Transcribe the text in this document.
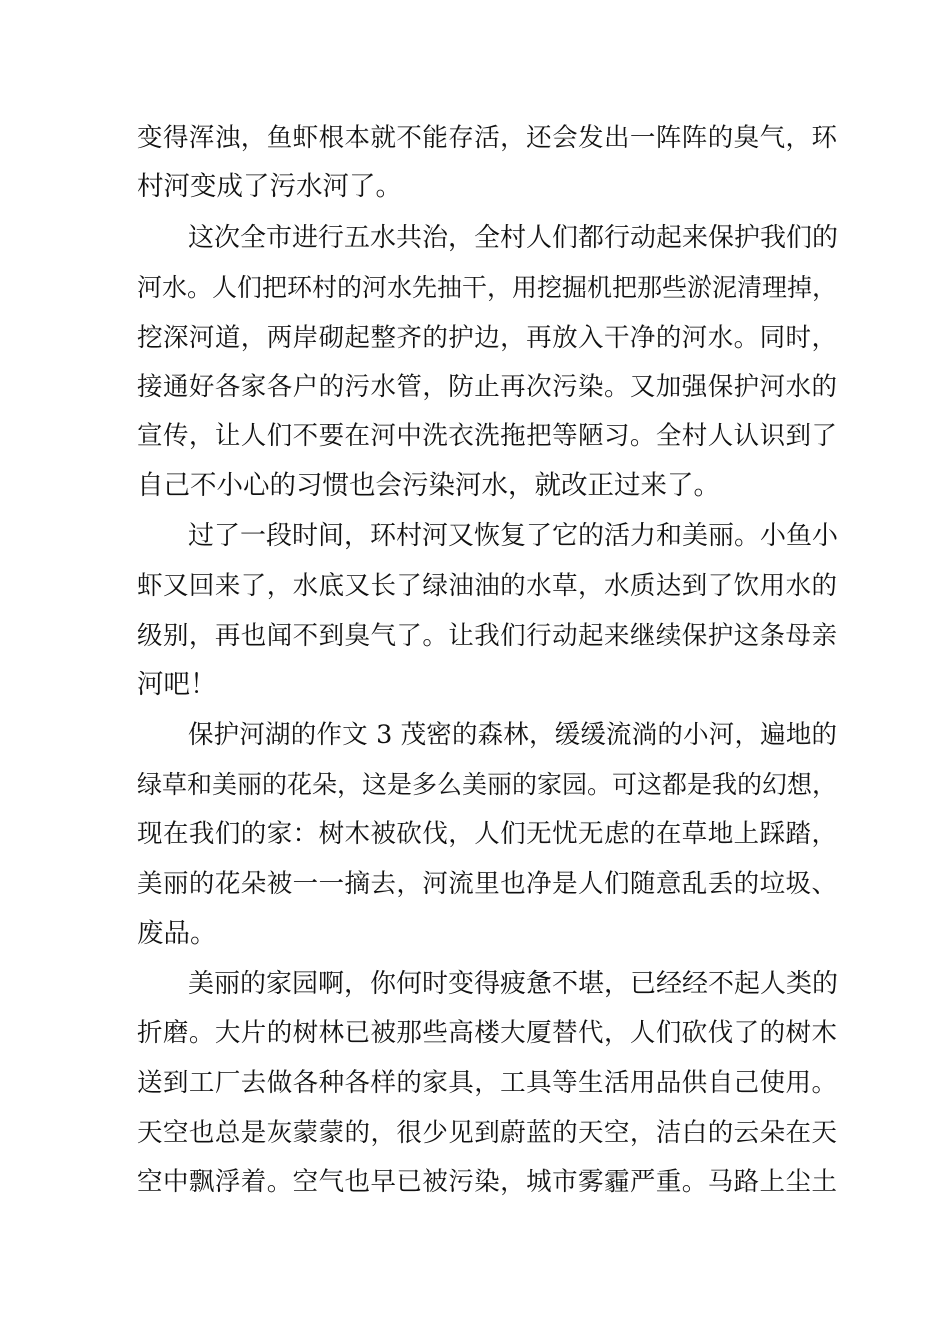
变得浑浊，鱼虾根本就不能存活，还会发出一阵阵的臭气，环
村河变成了污水河了。
这次全市进行五水共治，全村人们都行动起来保护我们的
河水。人们把环村的河水先抽干，用挖掘机把那些淤泥清理掉，
挖深河道，两岸砌起整齐的护边，再放入干净的河水。同时，
接通好各家各户的污水管，防止再次污染。又加强保护河水的
宣传，让人们不要在河中洗衣洗拖把等陋习。全村人认识到了
自己不小心的习惯也会污染河水，就改正过来了。
过了一段时间，环村河又恢复了它的活力和美丽。小鱼小
虾又回来了，水底又长了绿油油的水草，水质达到了饮用水的
级别，再也闻不到臭气了。让我们行动起来继续保护这条母亲
河吧！
保护河湖的作文 3 茂密的森林，缓缓流淌的小河，遍地的
绿草和美丽的花朵，这是多么美丽的家园。可这都是我的幻想，
现在我们的家：树木被砍伐，人们无忧无虑的在草地上踩踏，
美丽的花朵被一一摘去，河流里也净是人们随意乱丢的垃圾、
废品。
美丽的家园啊，你何时变得疲惫不堪，已经经不起人类的
折磨。大片的树林已被那些高楼大厦替代，人们砍伐了的树木
送到工厂去做各种各样的家具，工具等生活用品供自己使用。
天空也总是灰蒙蒙的，很少见到蔚蓝的天空，洁白的云朵在天
空中飘浮着。空气也早已被污染，城市雾霾严重。马路上尘土
